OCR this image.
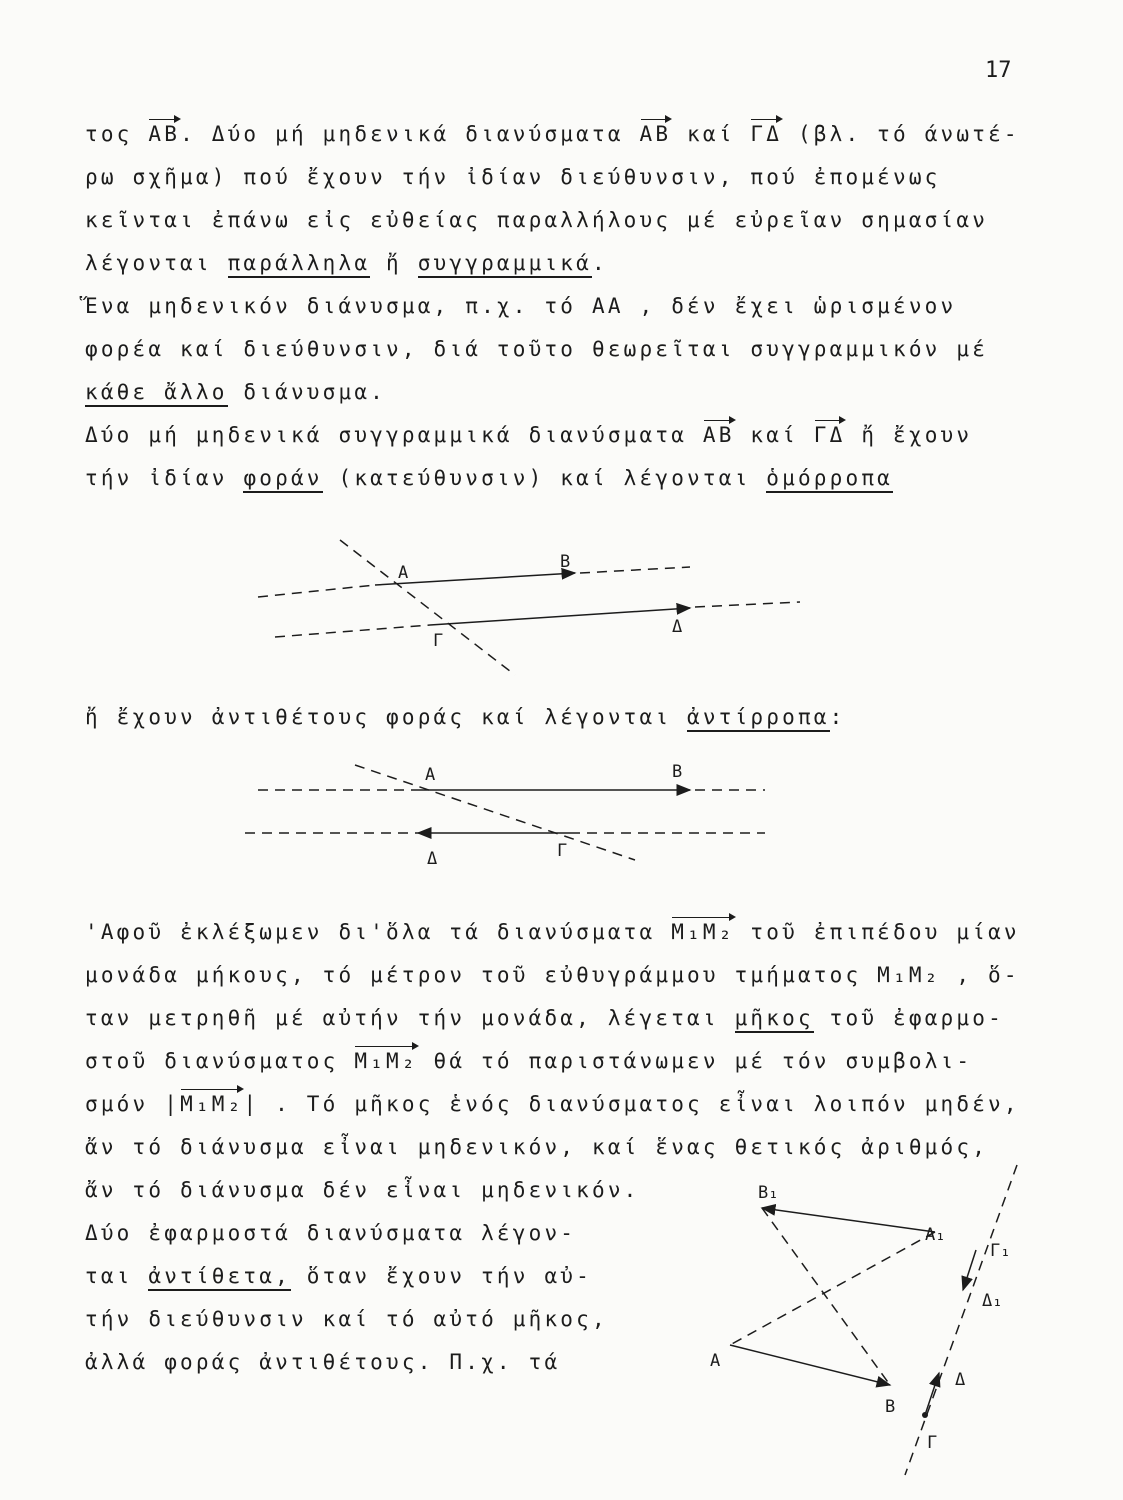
17
τος ΑΒ. Δύο μή μηδενικά διανύσματα ΑΒ καί ΓΔ (βλ. τό άνωτέ-
ρω σχῆμα) πού ἔχουν τήν ἰδίαν διεύθυνσιν, πού ἐπομένως
κεῖνται ἐπάνω εἰς εὐθείας παραλλήλους μέ εὐρεῖαν σημασίαν
λέγονται παράλληλα ἤ συγγραμμικά.
Ἕνα μηδενικόν διάνυσμα, π.χ. τό ΑΑ , δέν ἔχει ὡρισμένον
φορέα καί διεύθυνσιν, διά τοῦτο θεωρεῖται συγγραμμικόν μέ
κάθε ἄλλο διάνυσμα.
Δύο μή μηδενικά συγγραμμικά διανύσματα ΑΒ καί ΓΔ ἤ ἔχουν
τήν ἰδίαν φοράν (κατεύθυνσιν) καί λέγονται ὁμόρροπα
ἤ ἔχουν ἀντιθέτους φοράς καί λέγονται ἀντίρροπα:
'Αφοῦ ἐκλέξωμεν δι'ὅλα τά διανύσματα Μ₁Μ₂ τοῦ ἐπιπέδου μίαν
μονάδα μήκους, τό μέτρον τοῦ εὐθυγράμμου τμήματος Μ₁Μ₂ , ὅ-
ταν μετρηθῆ μέ αὐτήν τήν μονάδα, λέγεται μῆκος τοῦ ἐφαρμο-
στοῦ διανύσματος Μ₁Μ₂ θά τό παριστάνωμεν μέ τόν συμβολι-
σμόν |Μ₁Μ₂| . Τό μῆκος ἑνός διανύσματος εἶναι λοιπόν μηδέν,
ἄν τό διάνυσμα εἶναι μηδενικόν, καί ἕνας θετικός ἀριθμός,
ἄν τό διάνυσμα δέν εἶναι μηδενικόν.
Δύο ἐφαρμοστά διανύσματα λέγον-
ται ἀντίθετα, ὅταν ἔχουν τήν αὐ-
τήν διεύθυνσιν καί τό αὐτό μῆκος,
ἀλλά φοράς ἀντιθέτους. Π.χ. τά
Α
Β
Γ
Δ
Α	Β
Δ	Γ
Β₁
Α₁
Γ₁
Δ₁
Α
Β
Δ
Γ
